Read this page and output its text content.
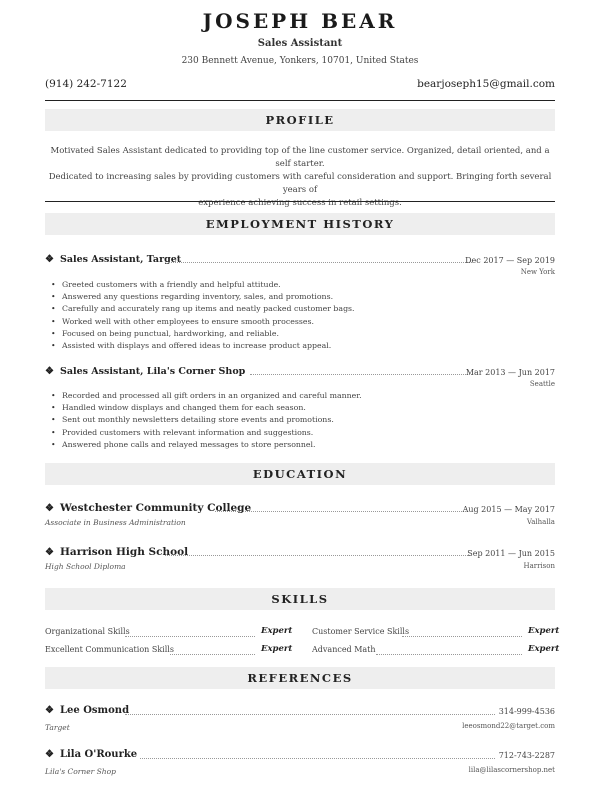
JOSEPH BEAR
Sales Assistant
230 Bennett Avenue, Yonkers, 10701, United States
(914) 242-7122	bearjoseph15@gmail.com
PROFILE
Motivated Sales Assistant dedicated to providing top of the line customer service. Organized, detail oriented, and a self starter.
Dedicated to increasing sales by providing customers with careful consideration and support. Bringing forth several years of
experience achieving success in retail settings.
EMPLOYMENT HISTORY
❖ Sales Assistant, Target	Dec 2017 — Sep 2019
New York
• Greeted customers with a friendly and helpful attitude.
• Answered any questions regarding inventory, sales, and promotions.
• Carefully and accurately rang up items and neatly packed customer bags.
• Worked well with other employees to ensure smooth processes.
• Focused on being punctual, hardworking, and reliable.
• Assisted with displays and offered ideas to increase product appeal.
❖ Sales Assistant, Lila's Corner Shop	Mar 2013 — Jun 2017
Seattle
• Recorded and processed all gift orders in an organized and careful manner.
• Handled window displays and changed them for each season.
• Sent out monthly newsletters detailing store events and promotions.
• Provided customers with relevant information and suggestions.
• Answered phone calls and relayed messages to store personnel.
EDUCATION
❖ Westchester Community College	Aug 2015 — May 2017
Associate in Business Administration	Valhalla
❖ Harrison High School	Sep 2011 — Jun 2015
High School Diploma	Harrison
SKILLS
Organizational Skills	Expert Customer Service Skills	Expert
Excellent Communication Skills	Expert Advanced Math	Expert
REFERENCES
❖ Lee Osmond	314-999-4536
Target	leeosmond22@target.com
❖ Lila O'Rourke	712-743-2287
Lila's Corner Shop	lila@lilascornershop.net
